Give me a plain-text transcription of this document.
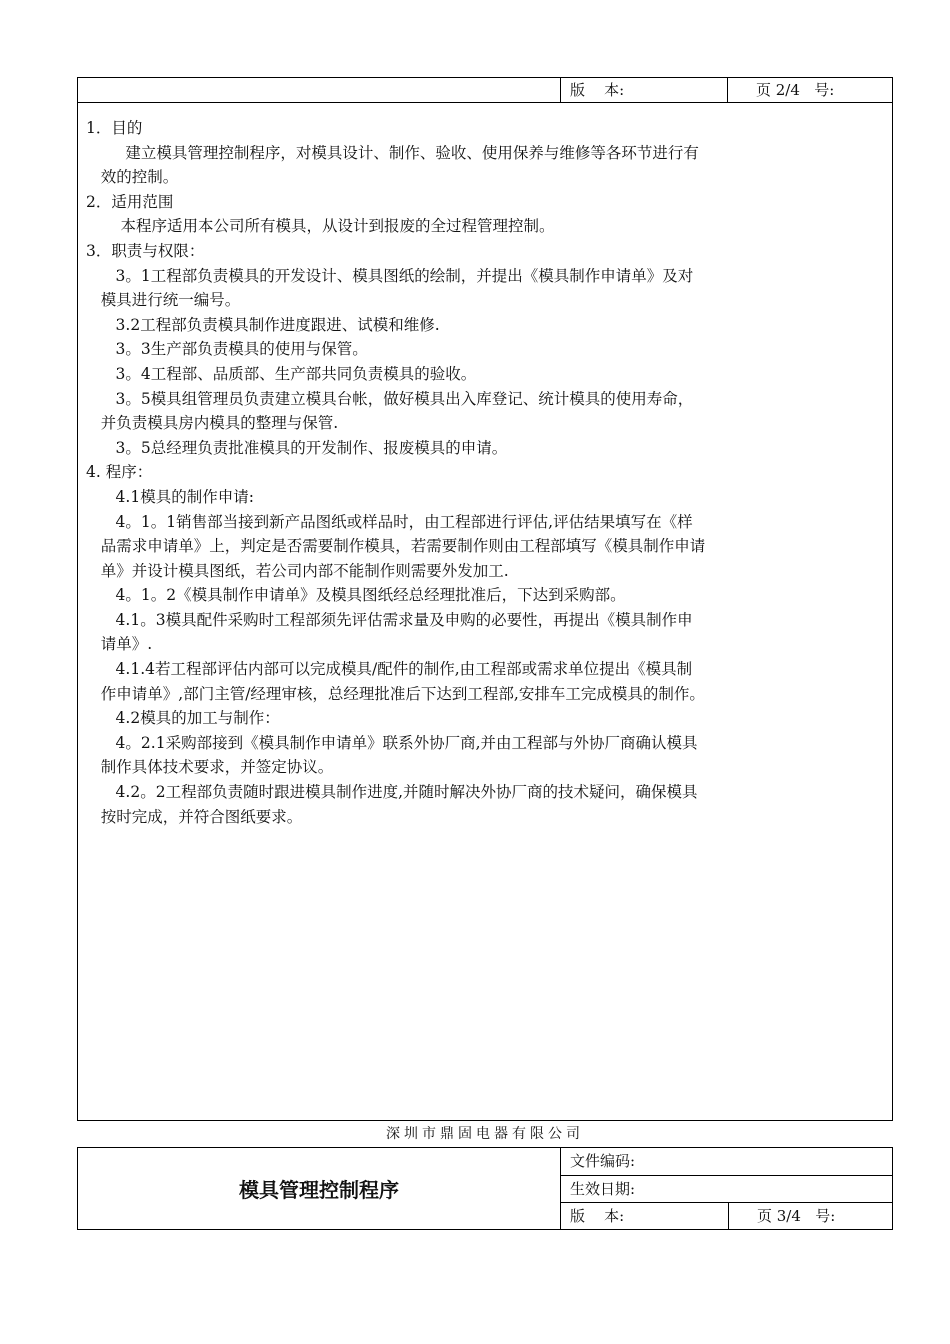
版    本:	页 2/4   号:
1．目的
建立模具管理控制程序，对模具设计、制作、验收、使用保养与维修等各环节进行有
效的控制。
2．适用范围
本程序适用本公司所有模具，从设计到报废的全过程管理控制。
3．职责与权限：
3。1工程部负责模具的开发设计、模具图纸的绘制，并提出《模具制作申请单》及对
模具进行统一编号。
3.2工程部负责模具制作进度跟进、试模和维修.
3。3生产部负责模具的使用与保管。
3。4工程部、品质部、生产部共同负责模具的验收。
3。5模具组管理员负责建立模具台帐，做好模具出入库登记、统计模具的使用寿命，
并负责模具房内模具的整理与保管.
3。5总经理负责批准模具的开发制作、报废模具的申请。
4. 程序：
4.1模具的制作申请:
4。1。1销售部当接到新产品图纸或样品时，由工程部进行评估,评估结果填写在《样
品需求申请单》上，判定是否需要制作模具，若需要制作则由工程部填写《模具制作申请
单》并设计模具图纸，若公司内部不能制作则需要外发加工.
4。1。2《模具制作申请单》及模具图纸经总经理批准后，下达到采购部。
4.1。3模具配件采购时工程部须先评估需求量及申购的必要性，再提出《模具制作申
请单》.
4.1.4若工程部评估内部可以完成模具/配件的制作,由工程部或需求单位提出《模具制
作申请单》,部门主管/经理审核，总经理批准后下达到工程部,安排车工完成模具的制作。
4.2模具的加工与制作：
4。2.1采购部接到《模具制作申请单》联系外协厂商,并由工程部与外协厂商确认模具
制作具体技术要求，并签定协议。
4.2。2工程部负责随时跟进模具制作进度,并随时解决外协厂商的技术疑问，确保模具
按时完成，并符合图纸要求。
深圳市鼎固电器有限公司
模具管理控制程序
文件编码:
生效日期:
版    本:	页 3/4   号:
